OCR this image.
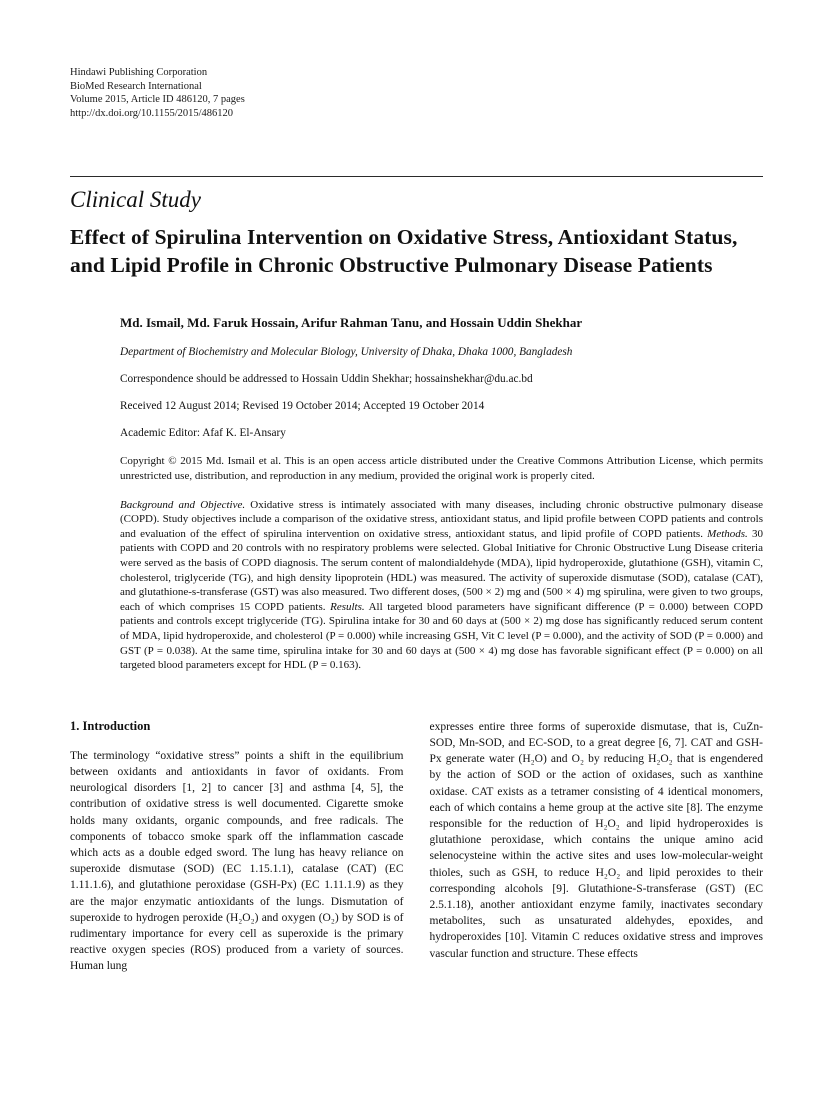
Hindawi Publishing Corporation
BioMed Research International
Volume 2015, Article ID 486120, 7 pages
http://dx.doi.org/10.1155/2015/486120
Clinical Study
Effect of Spirulina Intervention on Oxidative Stress, Antioxidant Status, and Lipid Profile in Chronic Obstructive Pulmonary Disease Patients
Md. Ismail, Md. Faruk Hossain, Arifur Rahman Tanu, and Hossain Uddin Shekhar
Department of Biochemistry and Molecular Biology, University of Dhaka, Dhaka 1000, Bangladesh
Correspondence should be addressed to Hossain Uddin Shekhar; hossainshekhar@du.ac.bd
Received 12 August 2014; Revised 19 October 2014; Accepted 19 October 2014
Academic Editor: Afaf K. El-Ansary
Copyright © 2015 Md. Ismail et al. This is an open access article distributed under the Creative Commons Attribution License, which permits unrestricted use, distribution, and reproduction in any medium, provided the original work is properly cited.
Background and Objective. Oxidative stress is intimately associated with many diseases, including chronic obstructive pulmonary disease (COPD). Study objectives include a comparison of the oxidative stress, antioxidant status, and lipid profile between COPD patients and controls and evaluation of the effect of spirulina intervention on oxidative stress, antioxidant status, and lipid profile of COPD patients. Methods. 30 patients with COPD and 20 controls with no respiratory problems were selected. Global Initiative for Chronic Obstructive Lung Disease criteria were served as the basis of COPD diagnosis. The serum content of malondialdehyde (MDA), lipid hydroperoxide, glutathione (GSH), vitamin C, cholesterol, triglyceride (TG), and high density lipoprotein (HDL) was measured. The activity of superoxide dismutase (SOD), catalase (CAT), and glutathione-s-transferase (GST) was also measured. Two different doses, (500 × 2) mg and (500 × 4) mg spirulina, were given to two groups, each of which comprises 15 COPD patients. Results. All targeted blood parameters have significant difference (P = 0.000) between COPD patients and controls except triglyceride (TG). Spirulina intake for 30 and 60 days at (500 × 2) mg dose has significantly reduced serum content of MDA, lipid hydroperoxide, and cholesterol (P = 0.000) while increasing GSH, Vit C level (P = 0.000), and the activity of SOD (P = 0.000) and GST (P = 0.038). At the same time, spirulina intake for 30 and 60 days at (500 × 4) mg dose has favorable significant effect (P = 0.000) on all targeted blood parameters except for HDL (P = 0.163).
1. Introduction

The terminology “oxidative stress” points a shift in the equilibrium between oxidants and antioxidants in favor of oxidants. From neurological disorders [1, 2] to cancer [3] and asthma [4, 5], the contribution of oxidative stress is well documented. Cigarette smoke holds many oxidants, organic compounds, and free radicals. The components of tobacco smoke spark off the inflammation cascade which acts as a double edged sword. The lung has heavy reliance on superoxide dismutase (SOD) (EC 1.15.1.1), catalase (CAT) (EC 1.11.1.6), and glutathione peroxidase (GSH-Px) (EC 1.11.1.9) as they are the major enzymatic antioxidants of the lungs. Dismutation of superoxide to hydrogen peroxide (H₂O₂) and oxygen (O₂) by SOD is of rudimentary importance for every cell as superoxide is the primary reactive oxygen species (ROS) produced from a variety of sources. Human lung

expresses entire three forms of superoxide dismutase, that is, CuZn-SOD, Mn-SOD, and EC-SOD, to a great degree [6, 7]. CAT and GSH-Px generate water (H₂O) and O₂ by reducing H₂O₂ that is engendered by the action of SOD or the action of oxidases, such as xanthine oxidase. CAT exists as a tetramer consisting of 4 identical monomers, each of which contains a heme group at the active site [8]. The enzyme responsible for the reduction of H₂O₂ and lipid hydroperoxides is glutathione peroxidase, which contains the unique amino acid selenocysteine within the active sites and uses low-molecular-weight thioles, such as GSH, to reduce H₂O₂ and lipid peroxides to their corresponding alcohols [9]. Glutathione-S-transferase (GST) (EC 2.5.1.18), another antioxidant enzyme family, inactivates secondary metabolites, such as unsaturated aldehydes, epoxides, and hydroperoxides [10]. Vitamin C reduces oxidative stress and improves vascular function and structure. These effects
